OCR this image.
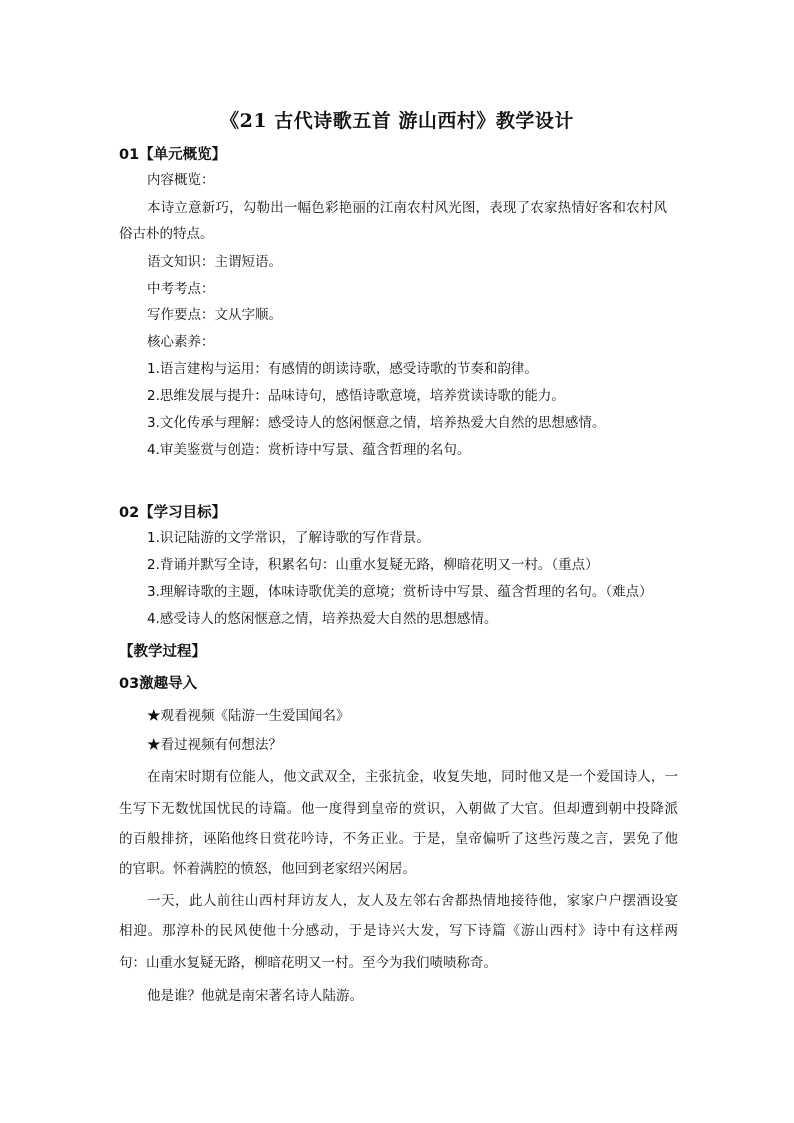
《21 古代诗歌五首 游山西村》教学设计
01【单元概览】
内容概览：
本诗立意新巧，勾勒出一幅色彩艳丽的江南农村风光图，表现了农家热情好客和农村风
俗古朴的特点。
语文知识：主谓短语。
中考考点：
写作要点：文从字顺。
核心素养：
1.语言建构与运用：有感情的朗读诗歌，感受诗歌的节奏和韵律。
2.思维发展与提升：品味诗句，感悟诗歌意境，培养赏读诗歌的能力。
3.文化传承与理解：感受诗人的悠闲惬意之情，培养热爱大自然的思想感情。
4.审美鉴赏与创造：赏析诗中写景、蕴含哲理的名句。
02【学习目标】
1.识记陆游的文学常识，了解诗歌的写作背景。
2.背诵并默写全诗，积累名句：山重水复疑无路，柳暗花明又一村。（重点）
3.理解诗歌的主题，体味诗歌优美的意境；赏析诗中写景、蕴含哲理的名句。（难点）
4.感受诗人的悠闲惬意之情，培养热爱大自然的思想感情。
【教学过程】
03激趣导入
★观看视频《陆游一生爱国闻名》
★看过视频有何想法？
在南宋时期有位能人，他文武双全，主张抗金，收复失地，同时他又是一个爱国诗人，一
生写下无数忧国忧民的诗篇。他一度得到皇帝的赏识，入朝做了大官。但却遭到朝中投降派
的百般排挤，诬陷他终日赏花吟诗，不务正业。于是，皇帝偏听了这些污蔑之言，罢免了他
的官职。怀着满腔的愤怒，他回到老家绍兴闲居。
一天，此人前往山西村拜访友人，友人及左邻右舍都热情地接待他，家家户户摆酒设宴
相迎。那淳朴的民风使他十分感动，于是诗兴大发，写下诗篇《游山西村》诗中有这样两
句：山重水复疑无路，柳暗花明又一村。至今为我们啧啧称奇。
他是谁？他就是南宋著名诗人陆游。
